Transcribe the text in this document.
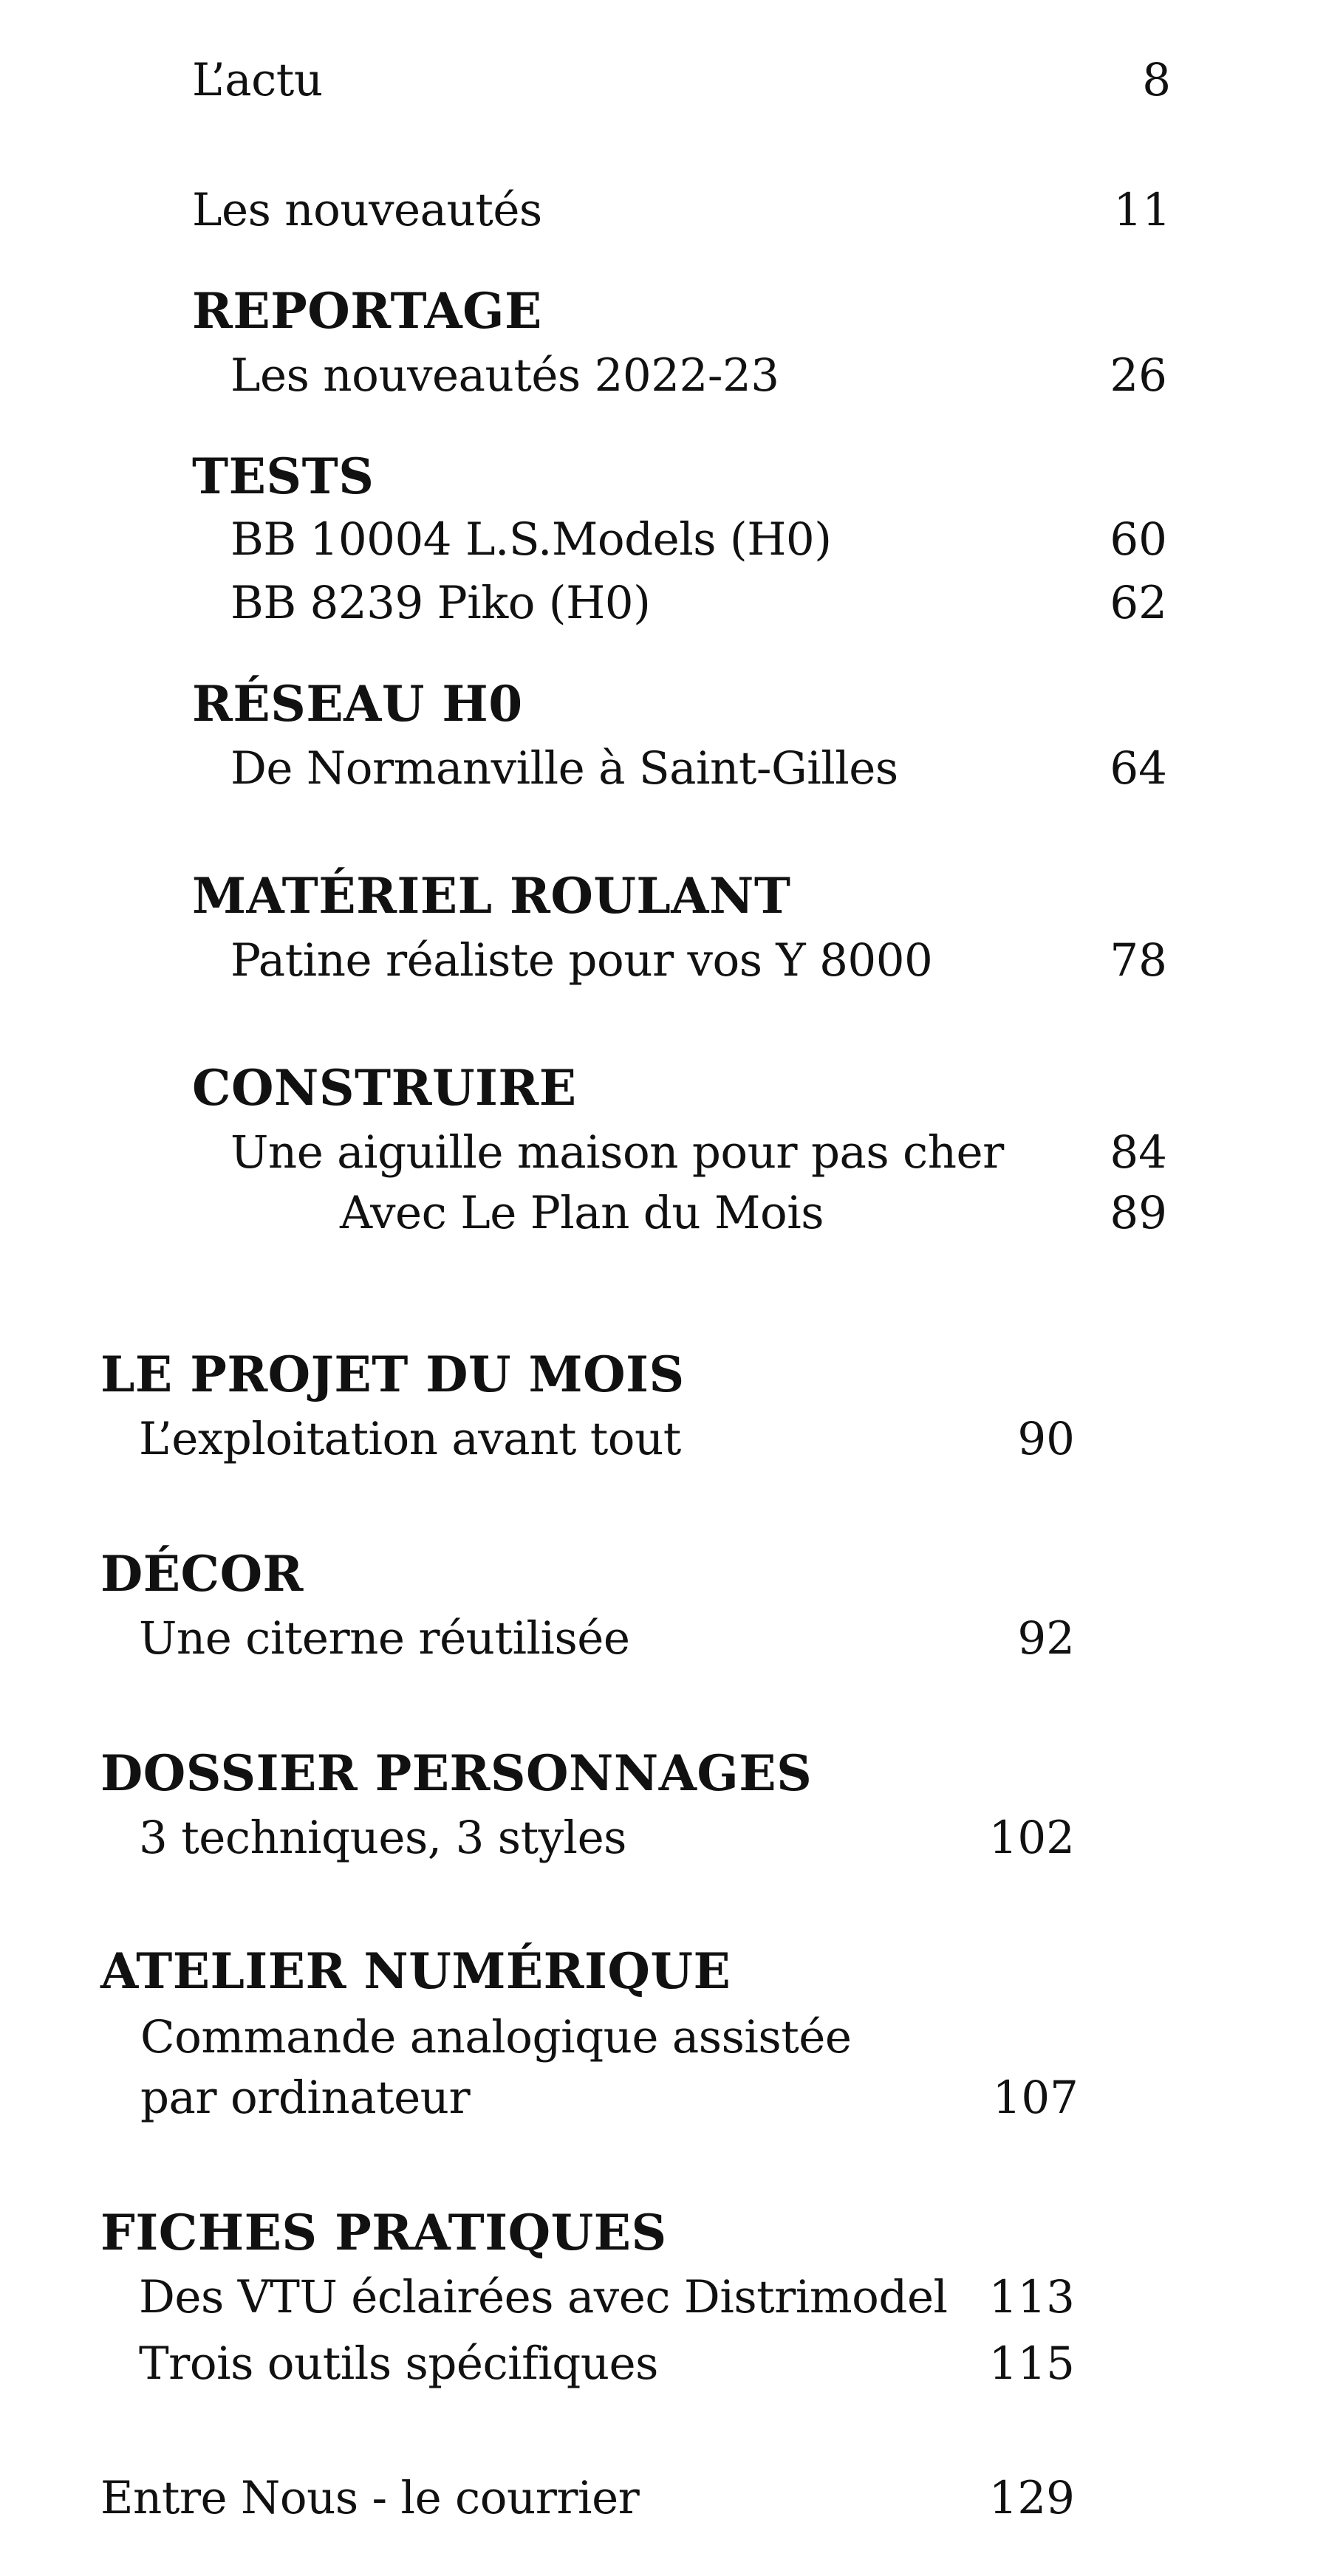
L’actu	8
Les nouveautés	11
REPORTAGE
Les nouveautés 2022-23	26
TESTS
BB 10004 L.S.Models (H0)	60
BB 8239 Piko (H0)	62
RÉSEAU H0
De Normanville à Saint-Gilles	64
MATÉRIEL ROULANT
Patine réaliste pour vos Y 8000	78
CONSTRUIRE
Une aiguille maison pour pas cher	84
Avec Le Plan du Mois	89
LE PROJET DU MOIS
L’exploitation avant tout	90
DÉCOR
Une citerne réutilisée	92
DOSSIER PERSONNAGES
3 techniques, 3 styles	102
ATELIER NUMÉRIQUE
Commande analogique assistée
par ordinateur	107
FICHES PRATIQUES
Des VTU éclairées avec Distrimodel 113
Trois outils spécifiques	115
Entre Nous - le courrier	129
